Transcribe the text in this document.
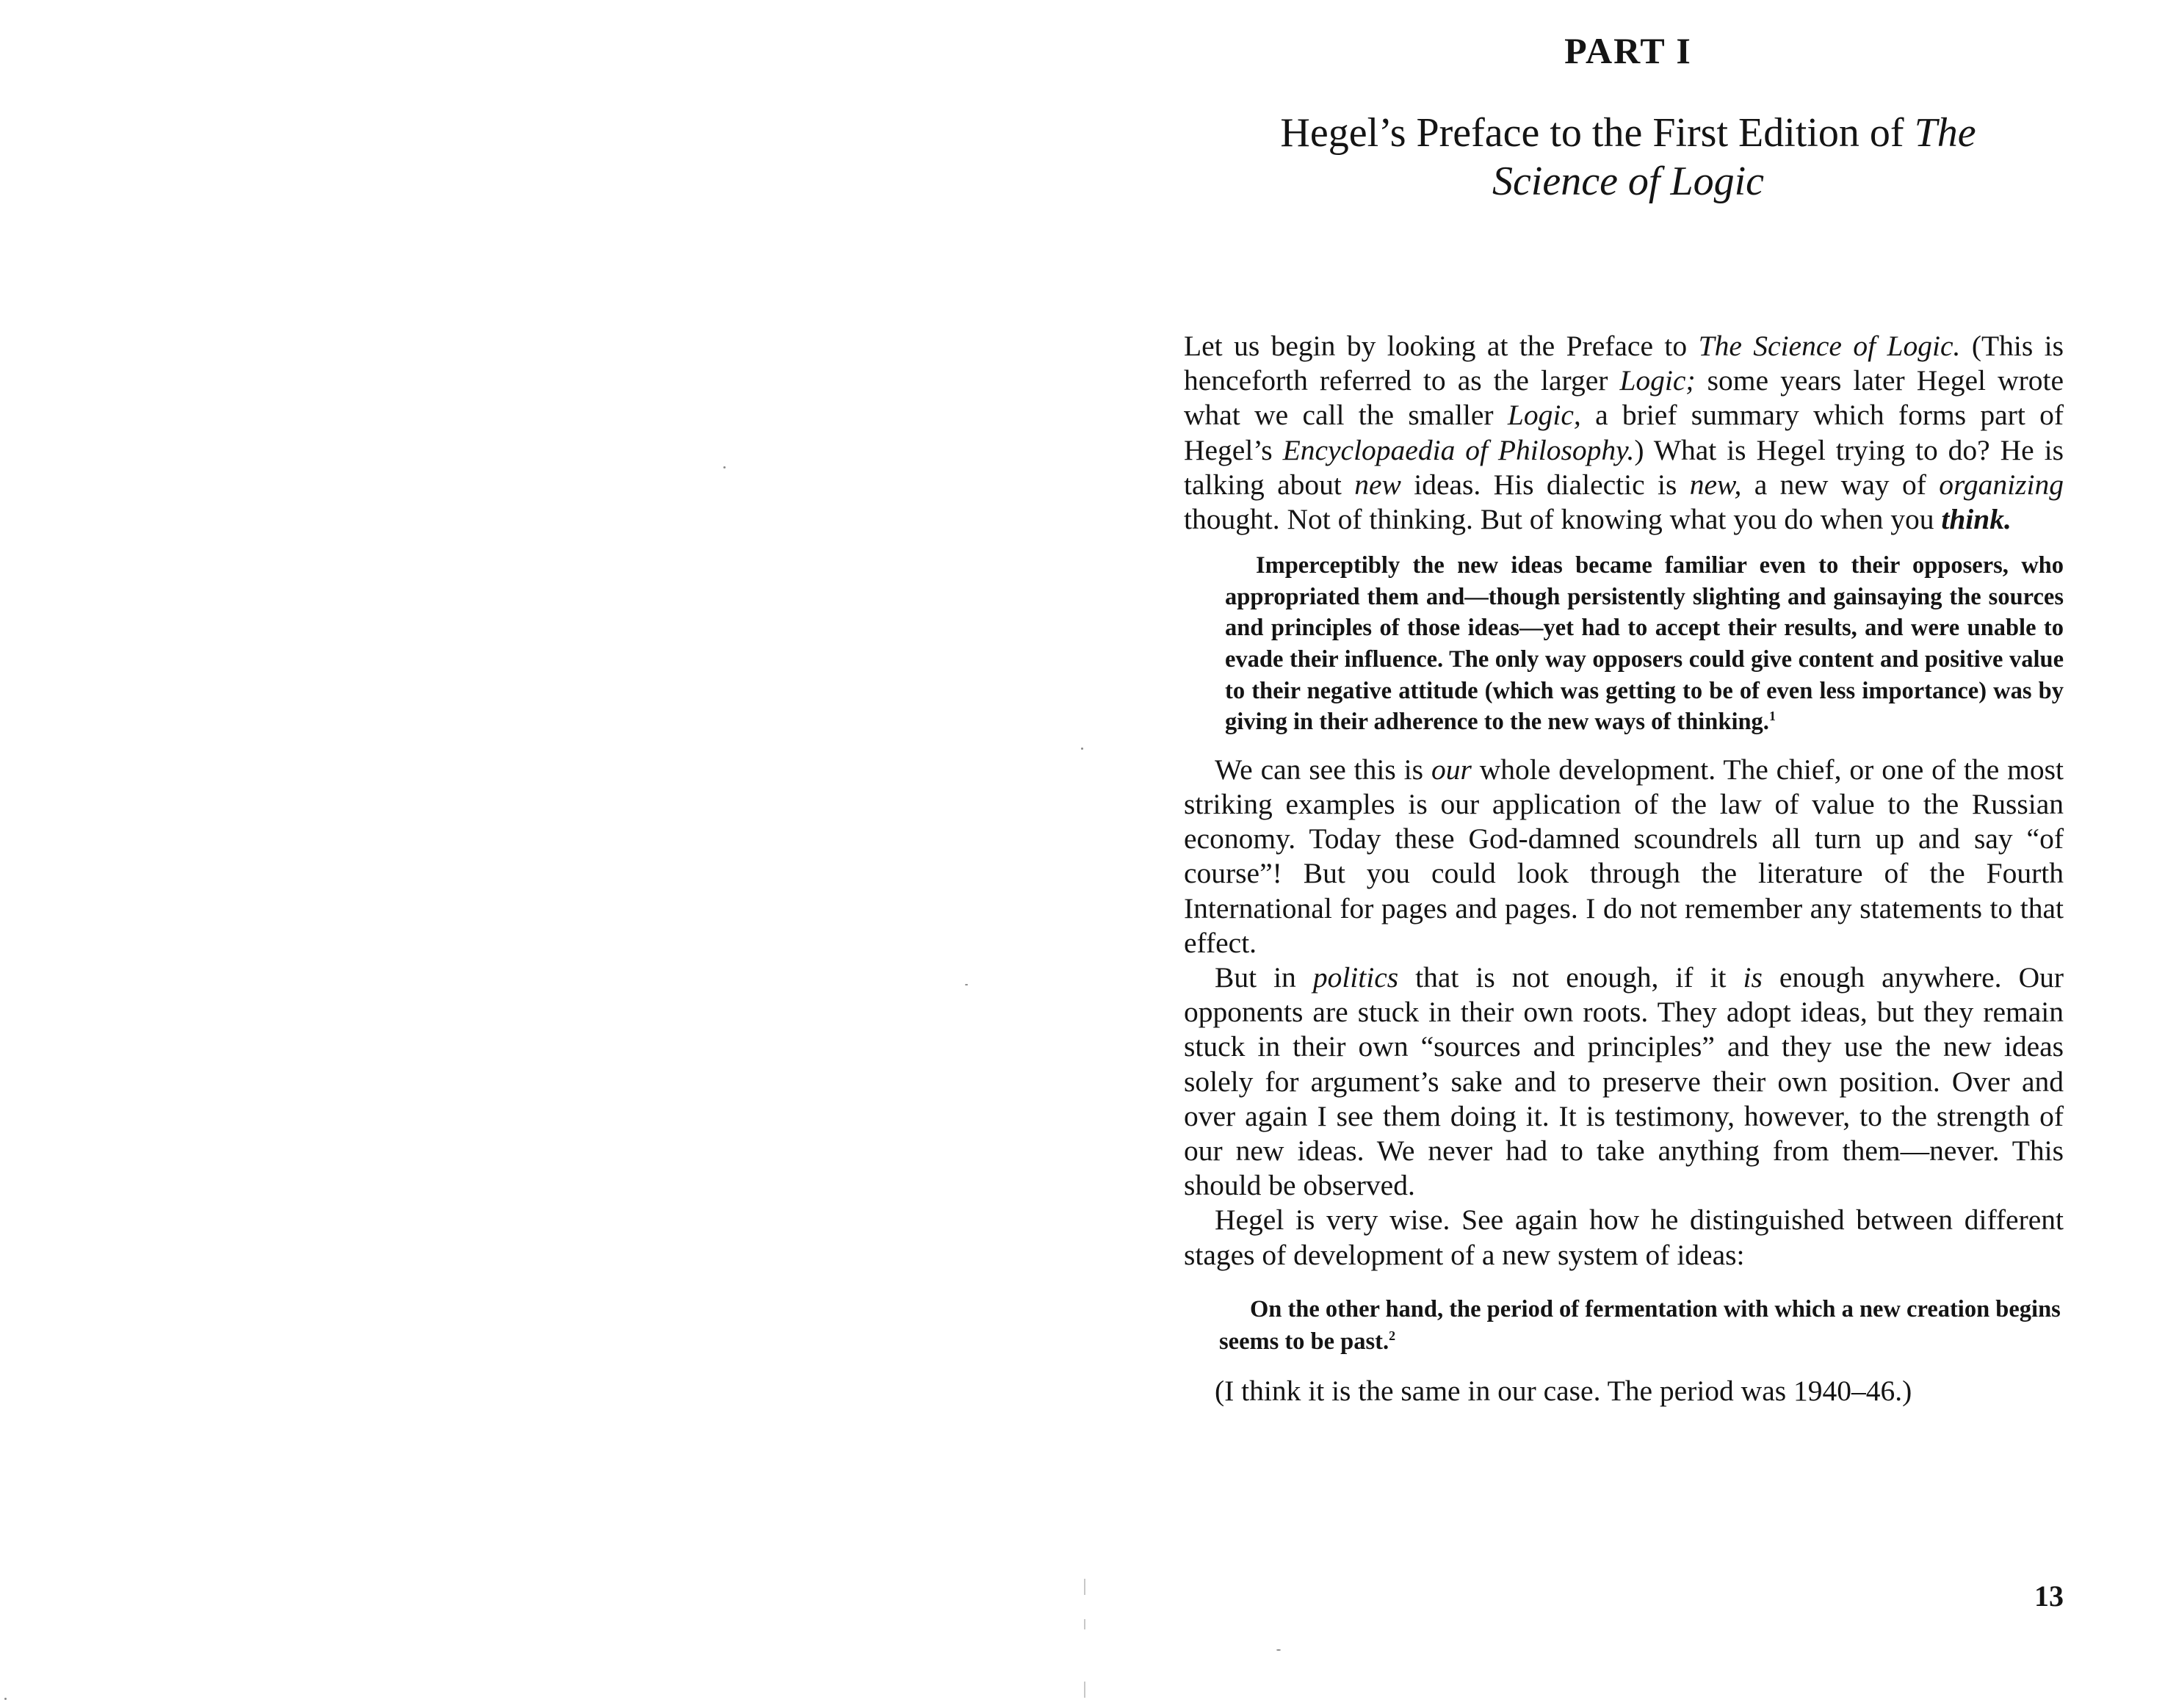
PART I
Hegel’s Preface to the First Edition of The
Science of Logic

Let us begin by looking at the Preface to The Science of Logic. (This is henceforth referred to as the larger Logic; some years later Hegel wrote what we call the smaller Logic, a brief summary which forms part of Hegel’s Encyclopaedia of Philosophy.) What is Hegel trying to do? He is talking about new ideas. His dialectic is new, a new way of organizing thought. Not of thinking. But of knowing what you do when you think.

Imperceptibly the new ideas became familiar even to their opposers, who appropriated them and—though persistently slighting and gainsaying the sources and principles of those ideas—yet had to accept their results, and were unable to evade their influence. The only way opposers could give content and positive value to their negative attitude (which was getting to be of even less importance) was by giving in their adherence to the new ways of thinking.$^1$

We can see this is our whole development. The chief, or one of the most striking examples is our application of the law of value to the Russian economy. Today these God-damned scoundrels all turn up and say “of course”! But you could look through the literature of the Fourth International for pages and pages. I do not remember any statements to that effect.

But in politics that is not enough, if it is enough anywhere. Our opponents are stuck in their own roots. They adopt ideas, but they remain stuck in their own “sources and principles” and they use the new ideas solely for argument’s sake and to preserve their own position. Over and over again I see them doing it. It is testimony, however, to the strength of our new ideas. We never had to take anything from them—never. This should be observed.

Hegel is very wise. See again how he distinguished between different stages of development of a new system of ideas:

On the other hand, the period of fermentation with which a new creation begins seems to be past.$^2$

(I think it is the same in our case. The period was 1940–46.)

13
